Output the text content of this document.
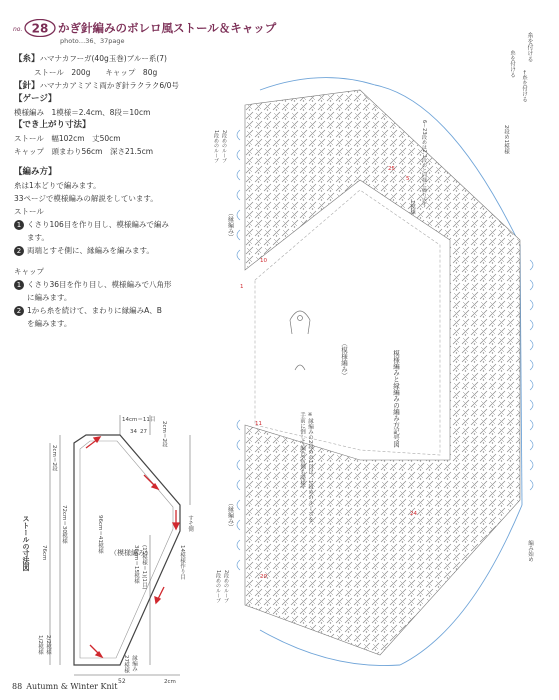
no. 28 かぎ針編みのボレロ風ストール＆キャップ
photo…36、37page
【糸】ハマナカフーガ(40g玉巻)ブルー系(7)
ストール　200g　　キャップ　80g
【針】ハマナカアミアミ両かぎ針ラクラク6/0号
【ゲージ】
模様編み　1模様＝2.4cm、8段＝10cm
【でき上がり寸法】
ストール　幅102cm　丈50cm
キャップ　頭まわり56cm　深さ21.5cm
【編み方】
糸は1本どりで編みます。
33ページで模様編みの解説をしています。
ストール
1 くさり106目を作り目し、模様編みで編み
ます。
2 両端とすそ側に、縁編みを編みます。
キャップ
1 くさり36目を作り目し、模様編みで八角形
に編みます。
2 1から糸を続けて、まわりに縁編みA、B
を編みます。
ストールの寸法図	（模様編み）
2cm＝2段
72cm＝30模様	96cm＝41模様
76cm	36cm＝15模様 (15模様＝1)(1目)
14cm＝11目
2cm＝2段
34 27
14模様作り目
すそ側
27模様 縁編み
1/2模様 2/2模様
52	2cm
模様編みと縁編みの編み方記号図
（模様編み）
※縁編みの2段めの1目は、1段めのループを
手前に倒して編む(右側も同様)
（縁編み）
（縁編み）
1段めのループ 2段めのループ
1段めのループ 2段めのループ
6～23段めは2.3段めと同様に繰り返す
←糸を付ける
2段め1模様
1模様
編み始め
糸を付ける
1
5
10
11
20
24
25
糸を付ける
88 Autumn & Winter Knit
